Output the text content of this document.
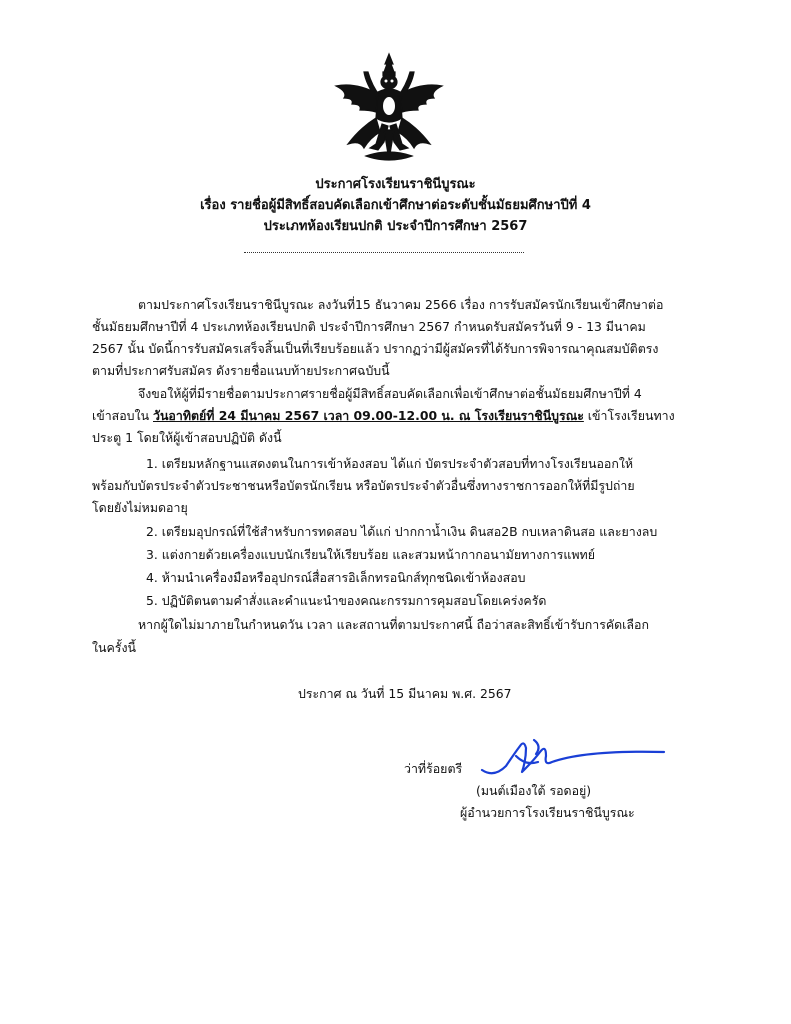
ประกาศโรงเรียนราชินีบูรณะ
เรื่อง รายชื่อผู้มีสิทธิ์สอบคัดเลือกเข้าศึกษาต่อระดับชั้นมัธยมศึกษาปีที่ 4
ประเภทห้องเรียนปกติ ประจำปีการศึกษา 2567
ตามประกาศโรงเรียนราชินีบูรณะ ลงวันที่15 ธันวาคม 2566 เรื่อง การรับสมัครนักเรียนเข้าศึกษาต่อ
ชั้นมัธยมศึกษาปีที่ 4 ประเภทห้องเรียนปกติ ประจำปีการศึกษา 2567 กำหนดรับสมัครวันที่ 9 - 13 มีนาคม
2567 นั้น บัดนี้การรับสมัครเสร็จสิ้นเป็นที่เรียบร้อยแล้ว ปรากฏว่ามีผู้สมัครที่ได้รับการพิจารณาคุณสมบัติตรง
ตามที่ประกาศรับสมัคร ดังรายชื่อแนบท้ายประกาศฉบับนี้
จึงขอให้ผู้ที่มีรายชื่อตามประกาศรายชื่อผู้มีสิทธิ์สอบคัดเลือกเพื่อเข้าศึกษาต่อชั้นมัธยมศึกษาปีที่ 4
เข้าสอบใน วันอาทิตย์ที่ 24 มีนาคม 2567 เวลา 09.00-12.00 น. ณ โรงเรียนราชินีบูรณะ เข้าโรงเรียนทาง
ประตู 1 โดยให้ผู้เข้าสอบปฏิบัติ ดังนี้
1. เตรียมหลักฐานแสดงตนในการเข้าห้องสอบ ได้แก่ บัตรประจำตัวสอบที่ทางโรงเรียนออกให้
พร้อมกับบัตรประจำตัวประชาชนหรือบัตรนักเรียน หรือบัตรประจำตัวอื่นซึ่งทางราชการออกให้ที่มีรูปถ่าย
โดยยังไม่หมดอายุ
2. เตรียมอุปกรณ์ที่ใช้สำหรับการทดสอบ ได้แก่ ปากกาน้ำเงิน ดินสอ2B กบเหลาดินสอ และยางลบ
3. แต่งกายด้วยเครื่องแบบนักเรียนให้เรียบร้อย และสวมหน้ากากอนามัยทางการแพทย์
4. ห้ามนำเครื่องมือหรืออุปกรณ์สื่อสารอิเล็กทรอนิกส์ทุกชนิดเข้าห้องสอบ
5. ปฏิบัติตนตามคำสั่งและคำแนะนำของคณะกรรมการคุมสอบโดยเคร่งครัด
หากผู้ใดไม่มาภายในกำหนดวัน เวลา และสถานที่ตามประกาศนี้ ถือว่าสละสิทธิ์เข้ารับการคัดเลือก
ในครั้งนี้
ประกาศ ณ วันที่ 15 มีนาคม พ.ศ. 2567
ว่าที่ร้อยตรี
(มนต์เมืองใต้ รอดอยู่)
ผู้อำนวยการโรงเรียนราชินีบูรณะ
